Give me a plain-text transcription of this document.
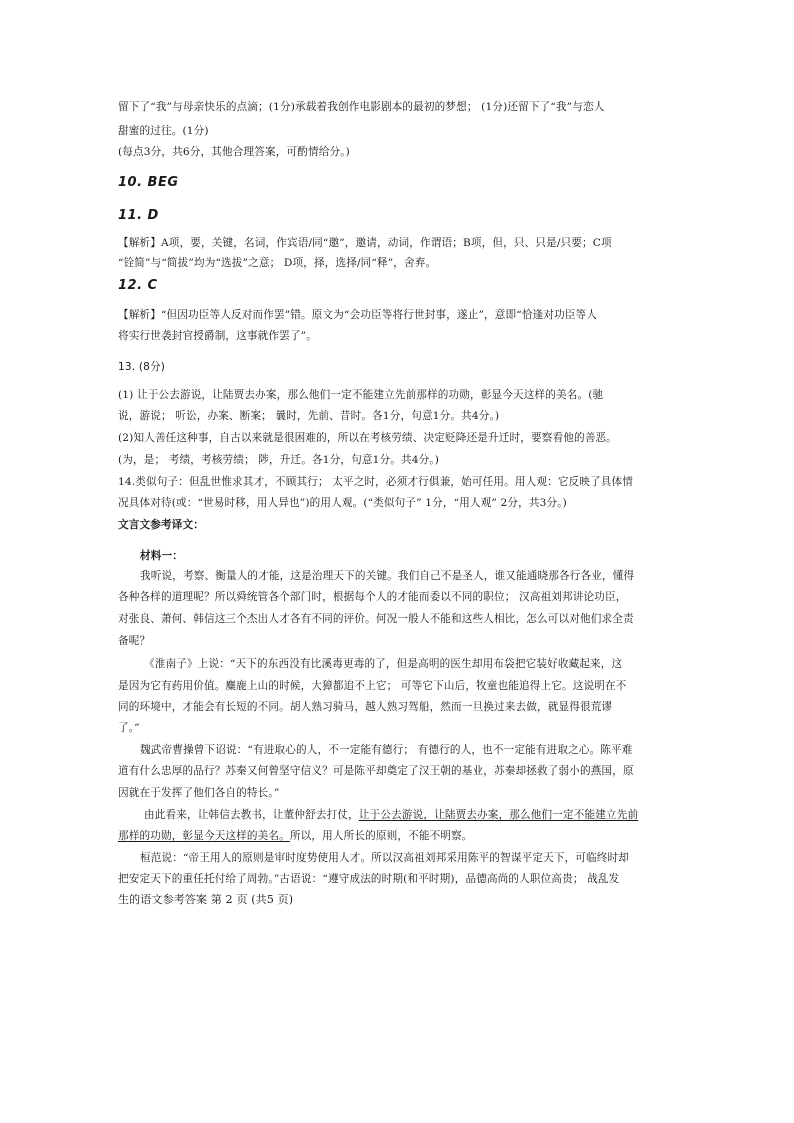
留下了“我”与母亲快乐的点滴；(1分)承载着我创作电影剧本的最初的梦想； (1分)还留下了“我”与恋人
甜蜜的过往。(1分)
(每点3分，共6分，其他合理答案，可酌情给分。)
10. BEG
11. D
【解析】A项，要，关键，名词，作宾语/同“邀”，邀请，动词，作谓语；B项，但，只、只是/只要；C项
“铨简”与“简拔”均为“选拔”之意； D项，择，选择/同“释”，舍弃。
12. C
【解析】“但因功臣等人反对而作罢”错。原文为“会功臣等将行世封事，遂止”，意即“恰逢对功臣等人
将实行世袭封官授爵制，这事就作罢了”。
13. (8分)
(1) 让于公去游说，让陆贾去办案，那么他们一定不能建立先前那样的功勋，彰显今天这样的美名。(驰
说，游说； 听讼，办案、断案； 曩时，先前、昔时。各1分，句意1分。共4分。)
(2)知人善任这种事，自古以来就是很困难的，所以在考核劳绩、决定贬降还是升迁时，要察看他的善恶。
(为，是； 考绩，考核劳绩； 陟，升迁。各1分，句意1分。共4分。)
14.类似句子：但乱世惟求其才，不顾其行； 太平之时，必须才行俱兼，始可任用。用人观：它反映了具体情
况具体对待(或：“世易时移，用人异也”)的用人观。(“类似句子” 1分，“用人观” 2分，共3分。)
文言文参考译文：
材料一：
我听说，考察、衡量人的才能，这是治理天下的关键。我们自己不是圣人，谁又能通晓那各行各业，懂得
各种各样的道理呢？所以舜统管各个部门时，根据每个人的才能而委以不同的职位； 汉高祖刘邦讲论功臣，
对张良、萧何、韩信这三个杰出人才各有不同的评价。何况一般人不能和这些人相比，怎么可以对他们求全责
备呢？
《淮南子》上说：“天下的东西没有比溪毒更毒的了，但是高明的医生却用布袋把它装好收藏起来，这
是因为它有药用价值。麋鹿上山的时候，大獐都追不上它； 可等它下山后，牧童也能追得上它。这说明在不
同的环境中，才能会有长短的不同。胡人熟习骑马，越人熟习驾船，然而一旦换过来去做，就显得很荒谬
了。”
魏武帝曹操曾下诏说：“有进取心的人，不一定能有德行； 有德行的人，也不一定能有进取之心。陈平难
道有什么忠厚的品行？苏秦又何曾坚守信义？可是陈平却奠定了汉王朝的基业，苏秦却拯救了弱小的燕国，原
因就在于发挥了他们各自的特长。”
由此看来，让韩信去教书，让董仲舒去打仗，让于公去游说，让陆贾去办案，那么他们一定不能建立先前
那样的功勋，彰显今天这样的美名。所以，用人所长的原则，不能不明察。
桓范说：“帝王用人的原则是审时度势使用人才。所以汉高祖刘邦采用陈平的智谋平定天下，可临终时却
把安定天下的重任托付给了周勃。”古语说：“遵守成法的时期(和平时期)，品德高尚的人职位高贵； 战乱发
生的语文参考答案 第 2 页 (共5 页)
